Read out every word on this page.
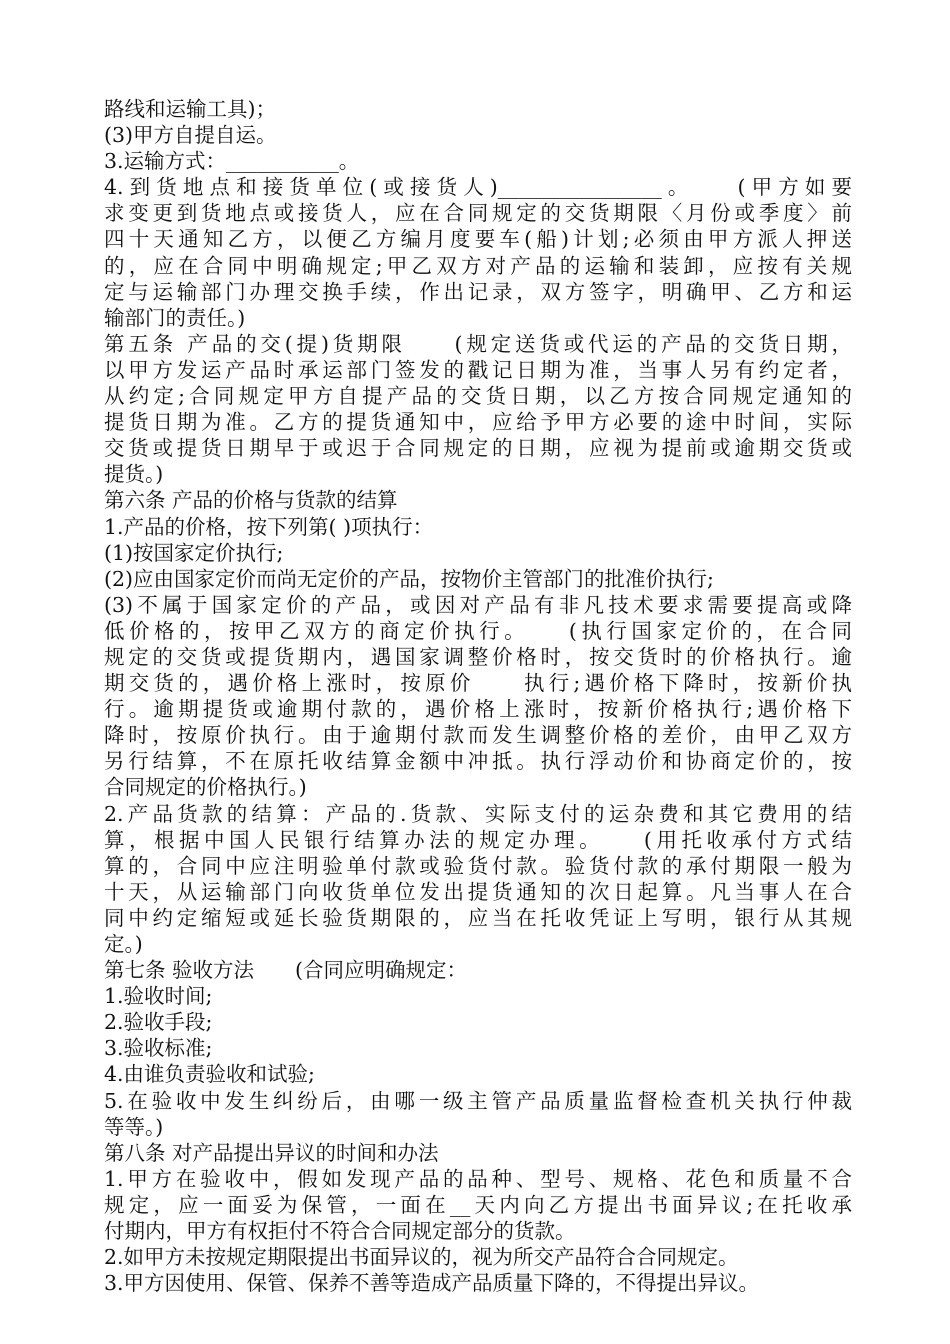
路线和运输工具)；
(3)甲方自提自运。
3.运输方式：___________。
4.到货地点和接货单位(或接货人)________________。　　(甲方如要
求变更到货地点或接货人，应在合同规定的交货期限〈月份或季度〉前
四十天通知乙方，以便乙方编月度要车(船)计划;必须由甲方派人押送
的，应在合同中明确规定;甲乙双方对产品的运输和装卸，应按有关规
定与运输部门办理交换手续，作出记录，双方签字，明确甲、乙方和运
输部门的责任。)
第五条 产品的交(提)货期限　　(规定送货或代运的产品的交货日期，
以甲方发运产品时承运部门签发的戳记日期为准，当事人另有约定者，
从约定;合同规定甲方自提产品的交货日期，以乙方按合同规定通知的
提货日期为准。乙方的提货通知中，应给予甲方必要的途中时间，实际
交货或提货日期早于或迟于合同规定的日期，应视为提前或逾期交货或
提货。)
第六条 产品的价格与货款的结算
1.产品的价格，按下列第( )项执行：
(1)按国家定价执行;
(2)应由国家定价而尚无定价的产品，按物价主管部门的批准价执行;
(3)不属于国家定价的产品，或因对产品有非凡技术要求需要提高或降
低价格的，按甲乙双方的商定价执行。　　(执行国家定价的，在合同
规定的交货或提货期内，遇国家调整价格时，按交货时的价格执行。逾
期交货的，遇价格上涨时，按原价　　执行;遇价格下降时，按新价执
行。逾期提货或逾期付款的，遇价格上涨时，按新价格执行;遇价格下
降时，按原价执行。由于逾期付款而发生调整价格的差价，由甲乙双方
另行结算，不在原托收结算金额中冲抵。执行浮动价和协商定价的，按
合同规定的价格执行。)
2.产品货款的结算：产品的.货款、实际支付的运杂费和其它费用的结
算，根据中国人民银行结算办法的规定办理。　　(用托收承付方式结
算的，合同中应注明验单付款或验货付款。验货付款的承付期限一般为
十天，从运输部门向收货单位发出提货通知的次日起算。凡当事人在合
同中约定缩短或延长验货期限的，应当在托收凭证上写明，银行从其规
定。)
第七条 验收方法　　(合同应明确规定：
1.验收时间;
2.验收手段;
3.验收标准;
4.由谁负责验收和试验;
5.在验收中发生纠纷后，由哪一级主管产品质量监督检查机关执行仲裁
等等。)
第八条 对产品提出异议的时间和办法
1.甲方在验收中，假如发现产品的品种、型号、规格、花色和质量不合
规定，应一面妥为保管，一面在__天内向乙方提出书面异议;在托收承
付期内，甲方有权拒付不符合合同规定部分的货款。
2.如甲方未按规定期限提出书面异议的，视为所交产品符合合同规定。
3.甲方因使用、保管、保养不善等造成产品质量下降的，不得提出异议。
